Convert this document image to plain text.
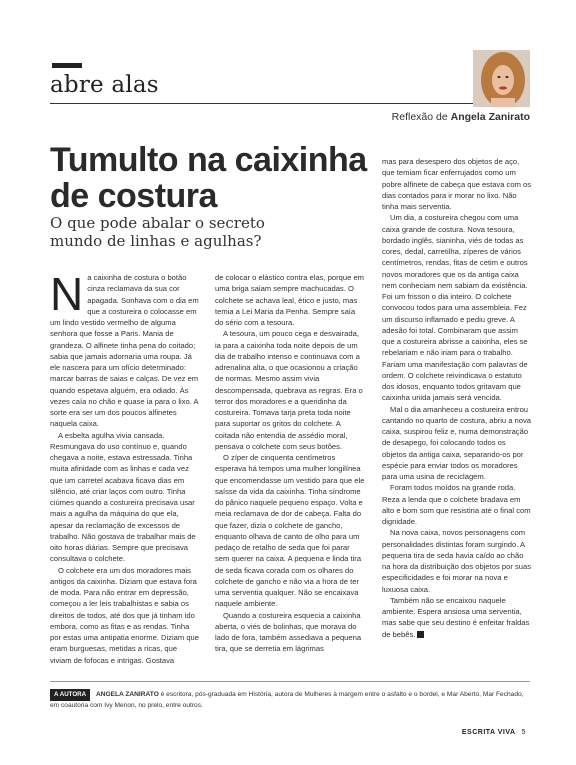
abre alas
Reflexão de Angela Zanirato
Tumulto na caixinha de costura
O que pode abalar o secreto mundo de linhas e agulhas?
N a caixinha de costura o botão cinza reclamava da sua cor apagada. Sonhava com o dia em que a costureira o colocasse em um lindo vestido vermelho de alguma senhora que fosse a Paris. Mania de grandeza. O alfinete tinha pena do coitado; sabia que jamais adornaria uma roupa. Já ele nascera para um ofício determinado: marcar barras de saias e calças. De vez em quando espetava alguém, era odiado. Às vezes caía no chão e quase ia para o lixo. A sorte era ser um dos poucos alfinetes naquela caixa.

A esbelta agulha vivia cansada. Resmungava do uso contínuo e, quando chegava a noite, estava estressada. Tinha muita afinidade com as linhas e cada vez que um carretel acabava ficava dias em silêncio, até criar laços com outro. Tinha ciúmes quando a costureira precisava usar mais a agulha da máquina do que ela, apesar da reclamação de excessos de trabalho. Não gostava de trabalhar mais de oito horas diárias. Sempre que precisava consultava o colchete.

O colchete era um dos moradores mais antigos da caixinha. Diziam que estava fora de moda. Para não entrar em depressão, começou a ler leis trabalhistas e sabia os direitos de todos, até dos que já tinham ido embora, como as fitas e as rendas. Tinha por estas uma antipatia enorme. Diziam que eram burguesas, metidas a ricas, que viviam de fofocas e intrigas. Gostava

de colocar o elástico contra elas, porque em uma briga saiam sempre machucadas. O colchete se achava leal, ético e justo, mas temia a Lei Maria da Penha. Sempre saía do sério com a tesoura.

A tesoura, um pouco cega e desvairada, ia para a caixinha toda noite depois de um dia de trabalho intenso e continuava com a adrenalina alta, o que ocasionou a criação de normas. Mesmo assim vivia descompensada, quebrava as regras. Era o terror dos moradores e a queridinha da costureira. Tomava tarja preta toda noite para suportar os gritos do colchete. A coitada não entendia de assédio moral, pensava o colchete com seus botões.

O zíper de cinquenta centímetros esperava há tempos uma mulher longilínea que encomendasse um vestido para que ele saísse da vida da caixinha. Tinha síndrome do pânico naquele pequeno espaço. Volta e meia reclamava de dor de cabeça. Falta do que fazer, dizia o colchete de gancho, enquanto olhava de canto de olho para um pedaço de retalho de seda que foi parar sem querer na caixa. A pequena e linda tira de seda ficava corada com os olhares do colchete de gancho e não via a hora de ter uma serventia qualquer. Não se encaixava naquele ambiente.

Quando a costureira esquecia a caixinha aberta, o viés de bolinhas, que morava do lado de fora, também assediava a pequena tira, que se derretia em lágrimas

mas para desespero dos objetos de aço, que temiam ficar enferrujados como um pobre alfinete de cabeça que estava com os dias contados para ir morar no lixo. Não tinha mais serventia.

Um dia, a costureira chegou com uma caixa grande de costura. Nova tesoura, bordado inglês, sianinha, viés de todas as cores, dedal, carretilha, zíperes de vários centímetros, rendas, fitas de cetim e outros novos moradores que os da antiga caixa nem conheciam nem sabiam da existência. Foi um frisson o dia inteiro. O colchete convocou todos para uma assembleia. Fez um discurso inflamado e pediu greve. A adesão foi total. Combinaram que assim que a costureira abrisse a caixinha, eles se rebelariam e não iriam para o trabalho. Fariam uma manifestação com palavras de ordem. O colchete reivindicava o estatuto dos idosos, enquanto todos gritavam que caixinha unida jamais será vencida.

Mal o dia amanheceu a costureira entrou cantando no quarto de costura, abriu a nova caixa, suspirou feliz e, numa demonstração de desapego, foi colocando todos os objetos da antiga caixa, separando-os por espécie para enviar todos os moradores para uma usina de reciclagem.

Foram todos moídos na grande roda. Reza a lenda que o colchete bradava em alto e bom som que resistiria até o final com dignidade.

Na nova caixa, novos personagens com personalidades distintas foram surgindo. A pequena tira de seda havia caído ao chão na hora da distribuição dos objetos por suas especificidades e foi morar na nova e luxuosa caixa.

Também não se encaixou naquele ambiente. Espera ansiosa uma serventia, mas sabe que seu destino é enfeitar fraldas de bebês. E

A AUTORA ANGELA ZANIRATO é escritora, pós-graduada em História, autora de Mulheres à margem entre o asfalto e o bordel, e Mar Aberto, Mar Fechado, em coautoria com Ivy Menon, no prelo, entre outros.
ESCRITA VIVA 5
